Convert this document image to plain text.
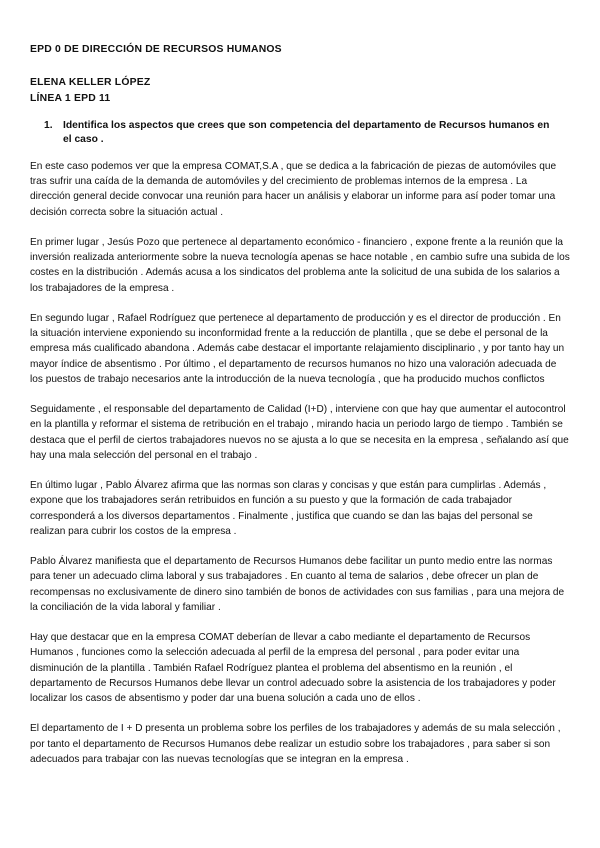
EPD 0 DE DIRECCIÓN DE RECURSOS HUMANOS
ELENA KELLER LÓPEZ
LÍNEA 1 EPD 11
1.	Identifica los aspectos que crees que son competencia del departamento de Recursos humanos en el caso .

En este caso podemos ver que la empresa COMAT,S.A , que se dedica a la fabricación de piezas de automóviles que tras sufrir una caída de la demanda de automóviles y del crecimiento de problemas internos de la empresa . La dirección general decide convocar una reunión para hacer un análisis y elaborar un informe para así poder tomar una decisión correcta sobre la situación actual .

En primer lugar , Jesús Pozo que pertenece al departamento económico - financiero , expone frente a la reunión que la inversión realizada anteriormente sobre la nueva tecnología apenas se hace notable , en cambio sufre una subida de los costes en la distribución . Además acusa a los sindicatos del problema ante la solicitud de una subida de los salarios a los trabajadores de la empresa .

En segundo lugar , Rafael Rodríguez que pertenece al departamento de producción y es el director de producción . En la situación interviene exponiendo su inconformidad frente a la reducción de plantilla , que se debe el personal de la empresa más cualificado abandona . Además cabe destacar el importante relajamiento disciplinario , y por tanto hay un mayor índice de absentismo . Por último , el departamento de recursos humanos no hizo una valoración adecuada de los puestos de trabajo necesarios ante la introducción de la nueva tecnología , que ha producido muchos conflictos

Seguidamente , el responsable del departamento de Calidad (I+D) , interviene con que hay que aumentar el autocontrol en la plantilla y reformar el sistema de retribución en el trabajo , mirando hacia un periodo largo de tiempo . También se destaca que el perfil de ciertos trabajadores nuevos no se ajusta a lo que se necesita en la empresa , señalando así que hay una mala selección del personal en el trabajo .

En último lugar , Pablo Álvarez afirma que las normas son claras y concisas y que están para cumplirlas . Además , expone que los trabajadores serán retribuidos en función a su puesto y que la formación de cada trabajador corresponderá a los diversos departamentos . Finalmente , justifica que cuando se dan las bajas del personal se realizan para cubrir los costos de la empresa .

Pablo Álvarez manifiesta que el departamento de Recursos Humanos debe facilitar un punto medio entre las normas para tener un adecuado clima laboral y sus trabajadores . En cuanto al tema de salarios , debe ofrecer un plan de recompensas no exclusivamente de dinero sino también de bonos de actividades con sus familias , para una mejora de la conciliación de la vida laboral y familiar .

Hay que destacar que en la empresa COMAT deberían de llevar a cabo mediante el departamento de Recursos Humanos , funciones como la selección adecuada al perfil de la empresa del personal , para poder evitar una disminución de la plantilla . También Rafael Rodríguez plantea el problema del absentismo en la reunión , el departamento de Recursos Humanos debe llevar un control adecuado sobre la asistencia de los trabajadores y poder localizar los casos de absentismo y poder dar una buena solución a cada uno de ellos .

El departamento de I + D presenta un problema sobre los perfiles de los trabajadores y además de su mala selección , por tanto el departamento de Recursos Humanos debe realizar un estudio sobre los trabajadores , para saber si son adecuados para trabajar con las nuevas tecnologías que se integran en la empresa .
